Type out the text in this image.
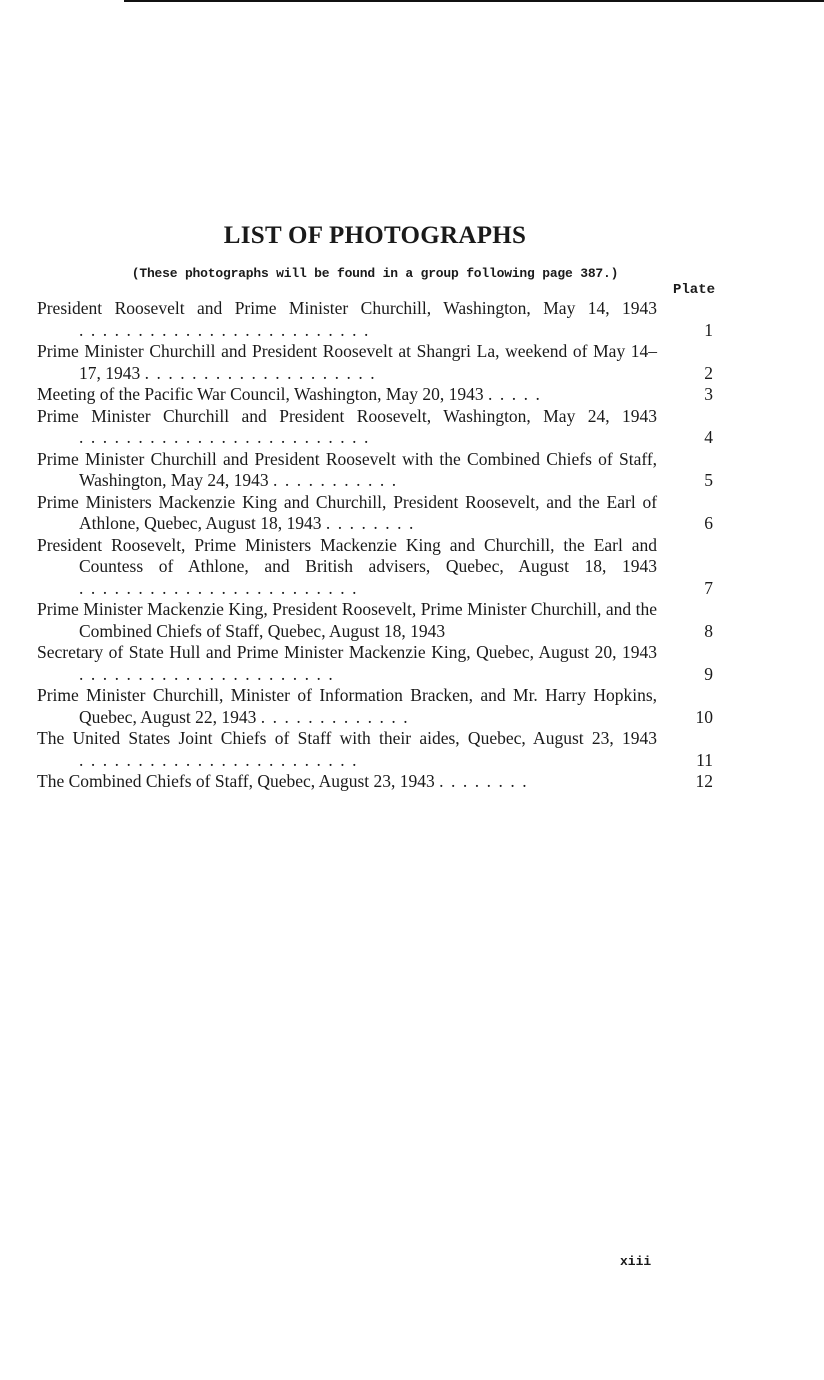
LIST OF PHOTOGRAPHS
(These photographs will be found in a group following page 387.)
Plate
President Roosevelt and Prime Minister Churchill, Washington, May 14, 1943 .........................	1
Prime Minister Churchill and President Roosevelt at Shangri La, weekend of May 14–17, 1943 ....................	2
Meeting of the Pacific War Council, Washington, May 20, 1943 .....	3
Prime Minister Churchill and President Roosevelt, Washington, May 24, 1943 .........................	4
Prime Minister Churchill and President Roosevelt with the Combined Chiefs of Staff, Washington, May 24, 1943 ...........	5
Prime Ministers Mackenzie King and Churchill, President Roosevelt, and the Earl of Athlone, Quebec, August 18, 1943 ........	6
President Roosevelt, Prime Ministers Mackenzie King and Churchill, the Earl and Countess of Athlone, and British advisers, Quebec, August 18, 1943 ........................	7
Prime Minister Mackenzie King, President Roosevelt, Prime Minister Churchill, and the Combined Chiefs of Staff, Quebec, August 18, 1943	8
Secretary of State Hull and Prime Minister Mackenzie King, Quebec, August 20, 1943 ......................	9
Prime Minister Churchill, Minister of Information Bracken, and Mr. Harry Hopkins, Quebec, August 22, 1943 .............	10
The United States Joint Chiefs of Staff with their aides, Quebec, August 23, 1943 ........................	11
The Combined Chiefs of Staff, Quebec, August 23, 1943 ........	12
xiii
